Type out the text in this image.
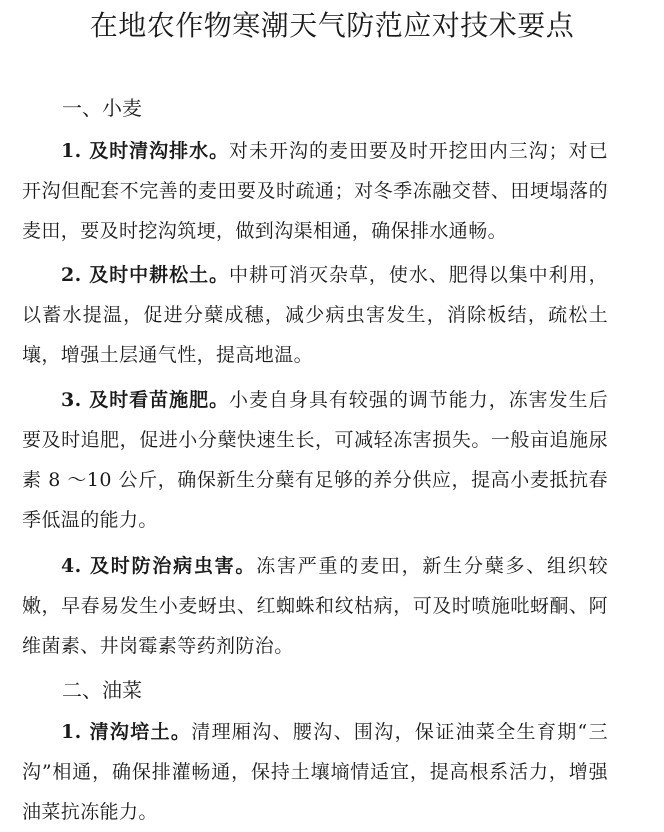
在地农作物寒潮天气防范应对技术要点
一、小麦

1. 及时清沟排水。对未开沟的麦田要及时开挖田内三沟；对已开沟但配套不完善的麦田要及时疏通；对冬季冻融交替、田埂塌落的麦田，要及时挖沟筑埂，做到沟渠相通，确保排水通畅。

2. 及时中耕松土。中耕可消灭杂草，使水、肥得以集中利用，以蓄水提温，促进分蘖成穗，减少病虫害发生，消除板结，疏松土壤，增强土层通气性，提高地温。

3. 及时看苗施肥。小麦自身具有较强的调节能力，冻害发生后要及时追肥，促进小分蘖快速生长，可减轻冻害损失。一般亩追施尿素 8 ～10 公斤，确保新生分蘖有足够的养分供应，提高小麦抵抗春季低温的能力。

4. 及时防治病虫害。冻害严重的麦田，新生分蘖多、组织较嫩，早春易发生小麦蚜虫、红蜘蛛和纹枯病，可及时喷施吡蚜酮、阿维菌素、井岗霉素等药剂防治。

二、油菜

1. 清沟培土。清理厢沟、腰沟、围沟，保证油菜全生育期“三沟”相通，确保排灌畅通，保持土壤墒情适宜，提高根系活力，增强油菜抗冻能力。
